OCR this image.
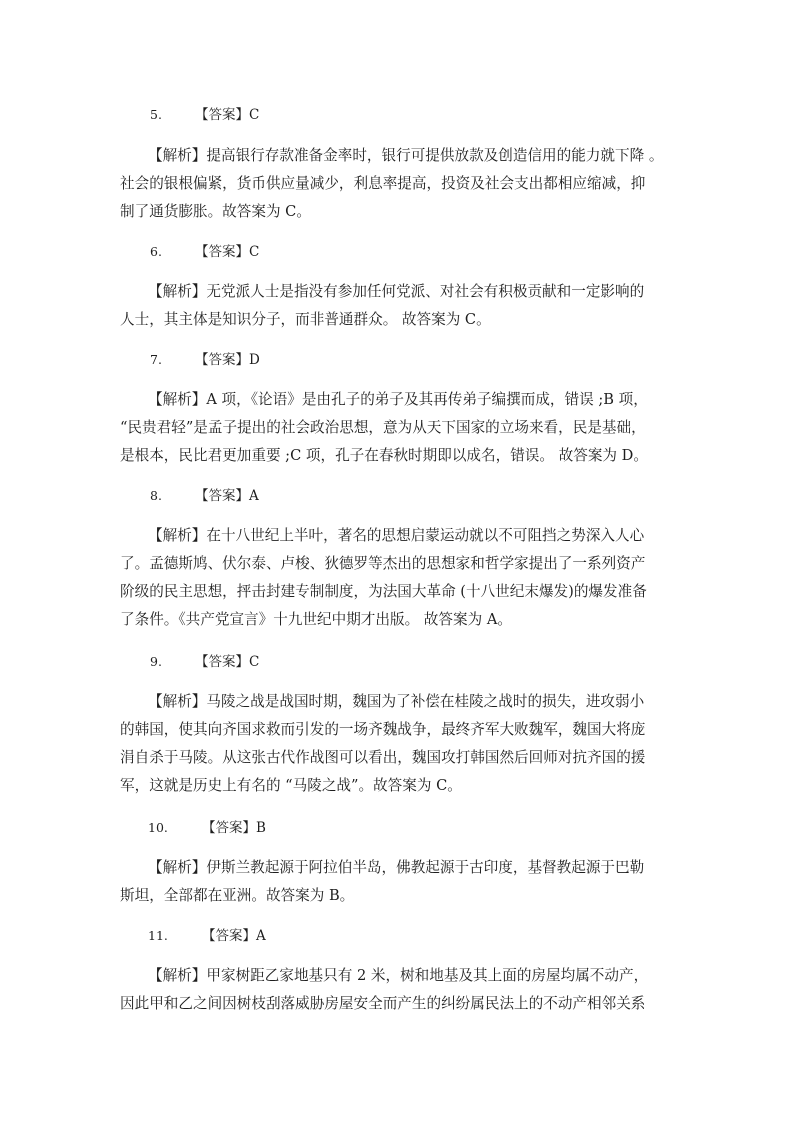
5. 【答案】C
【解析】提高银行存款准备金率时，银行可提供放款及创造信用的能力就下降 。
社会的银根偏紧，货币供应量减少，利息率提高，投资及社会支出都相应缩减，抑
制了通货膨胀。故答案为 C。
6. 【答案】C
【解析】无党派人士是指没有参加任何党派、对社会有积极贡献和一定影响的
人士，其主体是知识分子，而非普通群众。 故答案为 C。
7. 【答案】D
【解析】A 项，《论语》是由孔子的弟子及其再传弟子编撰而成，错误 ;B 项，
“民贵君轻”是孟子提出的社会政治思想，意为从天下国家的立场来看，民是基础，
是根本，民比君更加重要 ;C 项，孔子在春秋时期即以成名，错误。 故答案为 D。
8. 【答案】A
【解析】在十八世纪上半叶，著名的思想启蒙运动就以不可阻挡之势深入人心
了。孟德斯鸠、伏尔泰、卢梭、狄德罗等杰出的思想家和哲学家提出了一系列资产
阶级的民主思想，抨击封建专制制度，为法国大革命 (十八世纪末爆发)的爆发准备
了条件。《共产党宣言》十九世纪中期才出版。 故答案为 A。
9. 【答案】C
【解析】马陵之战是战国时期，魏国为了补偿在桂陵之战时的损失，进攻弱小
的韩国，使其向齐国求救而引发的一场齐魏战争，最终齐军大败魏军，魏国大将庞
涓自杀于马陵。从这张古代作战图可以看出，魏国攻打韩国然后回师对抗齐国的援
军，这就是历史上有名的 “马陵之战”。故答案为 C。
10.	【答案】B
【解析】伊斯兰教起源于阿拉伯半岛，佛教起源于古印度，基督教起源于巴勒
斯坦，全部都在亚洲。故答案为 B。
11.	【答案】A
【解析】甲家树距乙家地基只有 2 米，树和地基及其上面的房屋均属不动产，
因此甲和乙之间因树枝刮落威胁房屋安全而产生的纠纷属民法上的不动产相邻关系
